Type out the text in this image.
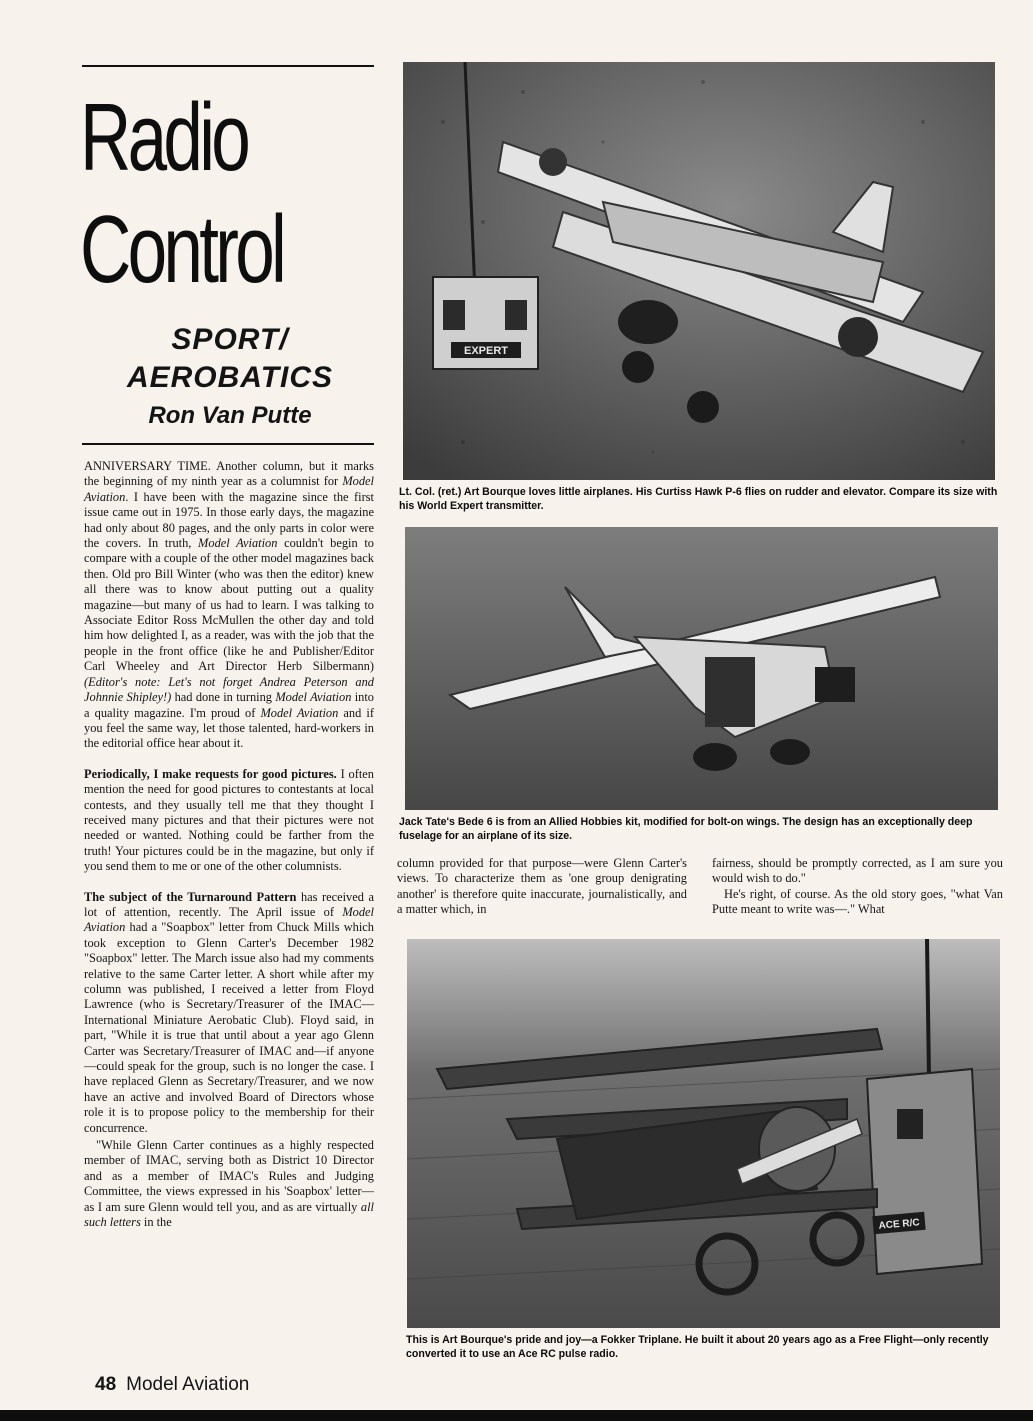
Radio
Control
SPORT/
AEROBATICS
Ron Van Putte

ANNIVERSARY TIME. Another column, but it marks the beginning of my ninth year as a columnist for Model Aviation. I have been with the magazine since the first issue came out in 1975. In those early days, the magazine had only about 80 pages, and the only parts in color were the covers. In truth, Model Aviation couldn't begin to compare with a couple of the other model magazines back then. Old pro Bill Winter (who was then the editor) knew all there was to know about putting out a quality magazine—but many of us had to learn. I was talking to Associate Editor Ross McMullen the other day and told him how delighted I, as a reader, was with the job that the people in the front office (like he and Publisher/Editor Carl Wheeley and Art Director Herb Silbermann) (Editor's note: Let's not forget Andrea Peterson and Johnnie Shipley!) had done in turning Model Aviation into a quality magazine. I'm proud of Model Aviation and if you feel the same way, let those talented, hard-workers in the editorial office hear about it.

Periodically, I make requests for good pictures. I often mention the need for good pictures to contestants at local contests, and they usually tell me that they thought I received many pictures and that their pictures were not needed or wanted. Nothing could be farther from the truth! Your pictures could be in the magazine, but only if you send them to me or one of the other columnists.

The subject of the Turnaround Pattern has received a lot of attention, recently. The April issue of Model Aviation had a "Soapbox" letter from Chuck Mills which took exception to Glenn Carter's December 1982 "Soapbox" letter. The March issue also had my comments relative to the same Carter letter. A short while after my column was published, I received a letter from Floyd Lawrence (who is Secretary/Treasurer of the IMAC—International Miniature Aerobatic Club). Floyd said, in part, "While it is true that until about a year ago Glenn Carter was Secretary/Treasurer of IMAC and—if anyone—could speak for the group, such is no longer the case. I have replaced Glenn as Secretary/Treasurer, and we now have an active and involved Board of Directors whose role it is to propose policy to the membership for their concurrence.

"While Glenn Carter continues as a highly respected member of IMAC, serving both as District 10 Director and as a member of IMAC's Rules and Judging Committee, the views expressed in his 'Soapbox' letter—as I am sure Glenn would tell you, and as are virtually all such letters in the

EXPERT
Lt. Col. (ret.) Art Bourque loves little airplanes. His Curtiss Hawk P-6 flies on rudder and elevator. Compare its size with his World Expert transmitter.
Jack Tate's Bede 6 is from an Allied Hobbies kit, modified for bolt-on wings. The design has an exceptionally deep fuselage for an airplane of its size.

column provided for that purpose—were Glenn Carter's views. To characterize them as 'one group denigrating another' is therefore quite inaccurate, journalistically, and a matter which, in

fairness, should be promptly corrected, as I am sure you would wish to do."

He's right, of course. As the old story goes, "what Van Putte meant to write was—." What

ACE R/C
This is Art Bourque's pride and joy—a Fokker Triplane. He built it about 20 years ago as a Free Flight—only recently converted it to use an Ace RC pulse radio.
48 Model Aviation
